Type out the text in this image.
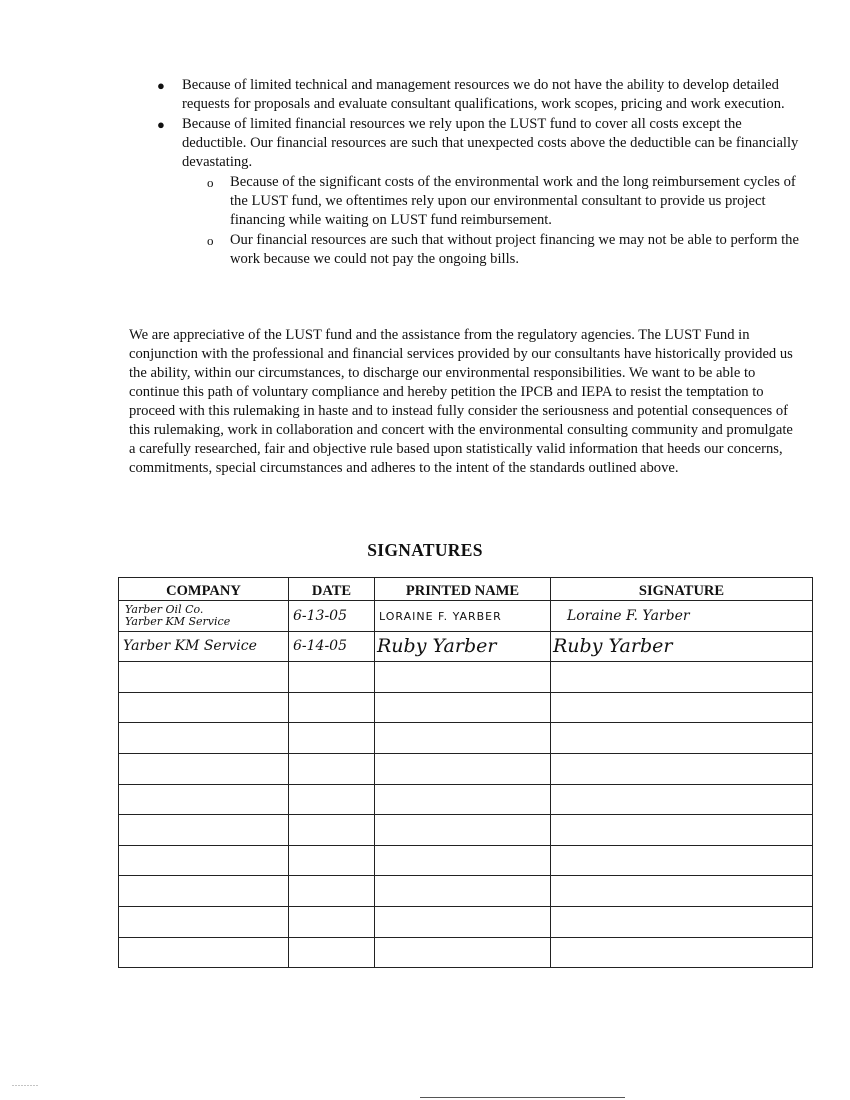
● Because of limited technical and management resources we do not have the ability to develop detailed requests for proposals and evaluate consultant qualifications, work scopes, pricing and work execution.
● Because of limited financial resources we rely upon the LUST fund to cover all costs except the deductible. Our financial resources are such that unexpected costs above the deductible can be financially devastating.
o Because of the significant costs of the environmental work and the long reimbursement cycles of the LUST fund, we oftentimes rely upon our environmental consultant to provide us project financing while waiting on LUST fund reimbursement.
o Our financial resources are such that without project financing we may not be able to perform the work because we could not pay the ongoing bills.
We are appreciative of the LUST fund and the assistance from the regulatory agencies. The LUST Fund in conjunction with the professional and financial services provided by our consultants have historically provided us the ability, within our circumstances, to discharge our environmental responsibilities. We want to be able to continue this path of voluntary compliance and hereby petition the IPCB and IEPA to resist the temptation to proceed with this rulemaking in haste and to instead fully consider the seriousness and potential consequences of this rulemaking, work in collaboration and concert with the environmental consulting community and promulgate a carefully researched, fair and objective rule based upon statistically valid information that heeds our concerns, commitments, special circumstances and adheres to the intent of the standards outlined above.
SIGNATURES
COMPANY	DATE	PRINTED NAME	SIGNATURE

Yarber Oil Co.
Yarber KM Service	6-13-05	LORAINE F. YARBER	Loraine F. Yarber
Yarber KM Service	6-14-05	Ruby Yarber	Ruby Yarber

.........
